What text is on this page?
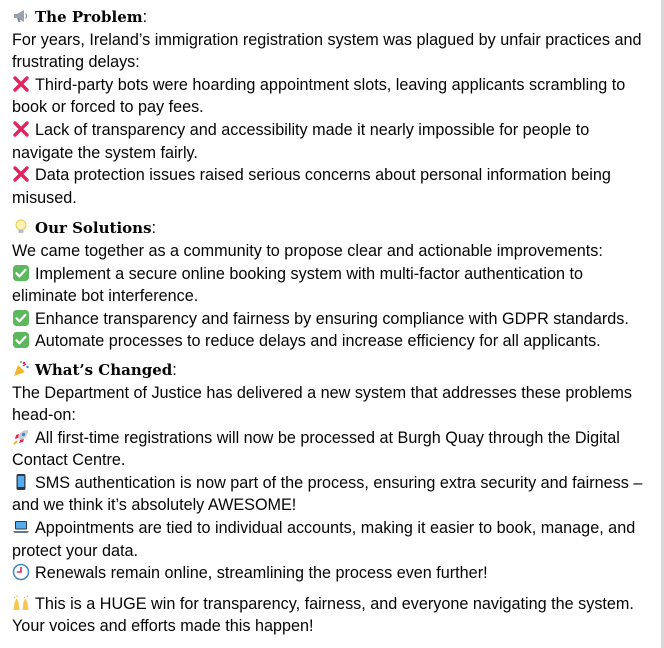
The Problem:
For years, Ireland’s immigration registration system was plagued by unfair practices and frustrating delays:
Third-party bots were hoarding appointment slots, leaving applicants scrambling to book or forced to pay fees.
Lack of transparency and accessibility made it nearly impossible for people to navigate the system fairly.
Data protection issues raised serious concerns about personal information being misused.
Our Solutions:
We came together as a community to propose clear and actionable improvements:
Implement a secure online booking system with multi-factor authentication to eliminate bot interference.
Enhance transparency and fairness by ensuring compliance with GDPR standards.
Automate processes to reduce delays and increase efficiency for all applicants.
What’s Changed:
The Department of Justice has delivered a new system that addresses these problems head-on:
All first-time registrations will now be processed at Burgh Quay through the Digital Contact Centre.
SMS authentication is now part of the process, ensuring extra security and fairness – and we think it’s absolutely AWESOME!
Appointments are tied to individual accounts, making it easier to book, manage, and protect your data.
Renewals remain online, streamlining the process even further!
This is a HUGE win for transparency, fairness, and everyone navigating the system. Your voices and efforts made this happen!
